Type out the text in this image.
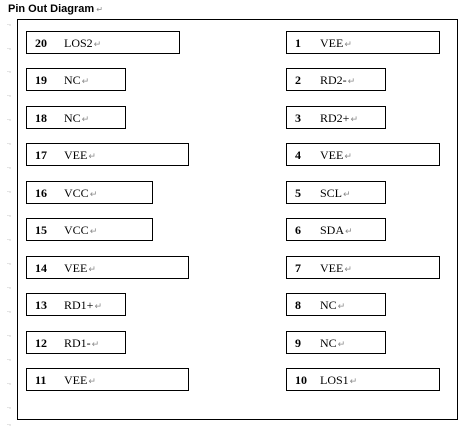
Pin Out Diagram ↵
.,
.,
.,
.,
.,
.,
.,
.,
.,
.,
.,
.,
.,
.,
.,
.,
.,
.,
20 LOS2↵
19 NC↵
18 NC↵
17 VEE↵
16 VCC↵
15 VCC↵
14 VEE↵
13 RD1+↵
12 RD1-↵
11 VEE↵
1 VEE↵
2 RD2-↵
3 RD2+↵
4 VEE↵
5 SCL↵
6 SDA↵
7 VEE↵
8 NC↵
9 NC↵
10 LOS1↵
